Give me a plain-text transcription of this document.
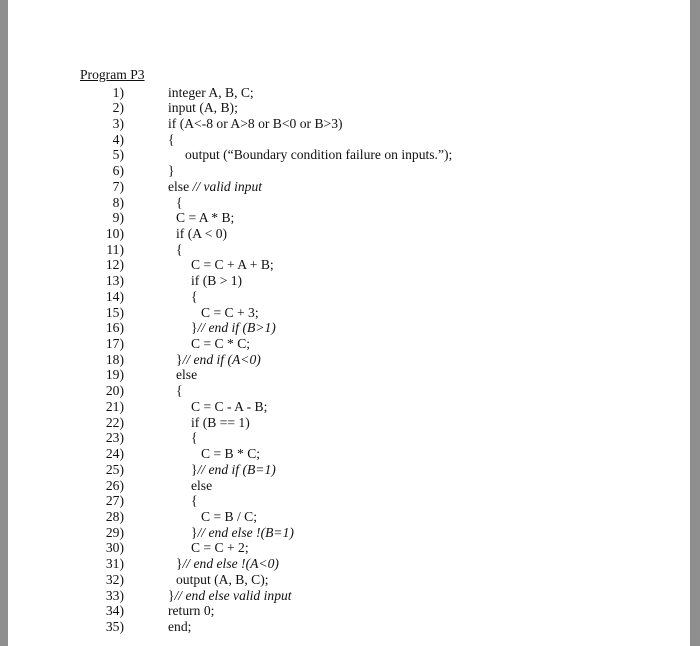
Program P3
1)	integer A, B, C;
2)	input (A, B);
3)	if (A<-8 or A>8 or B<0 or B>3)
4)	{
5)	output (“Boundary condition failure on inputs.”);
6)	}
7)	else // valid input
8)	{
9)	C = A * B;
10)	if (A < 0)
11)	{
12)	C = C + A + B;
13)	if (B > 1)
14)	{
15)	C = C + 3;
16)	}// end if (B>1)
17)	C = C * C;
18)	}// end if (A<0)
19)	else
20)	{
21)	C = C - A - B;
22)	if (B == 1)
23)	{
24)	C = B * C;
25)	}// end if (B=1)
26)	else
27)	{
28)	C = B / C;
29)	}// end else !(B=1)
30)	C = C + 2;
31)	}// end else !(A<0)
32)	output (A, B, C);
33)	}// end else valid input
34)	return 0;
35)	end;
